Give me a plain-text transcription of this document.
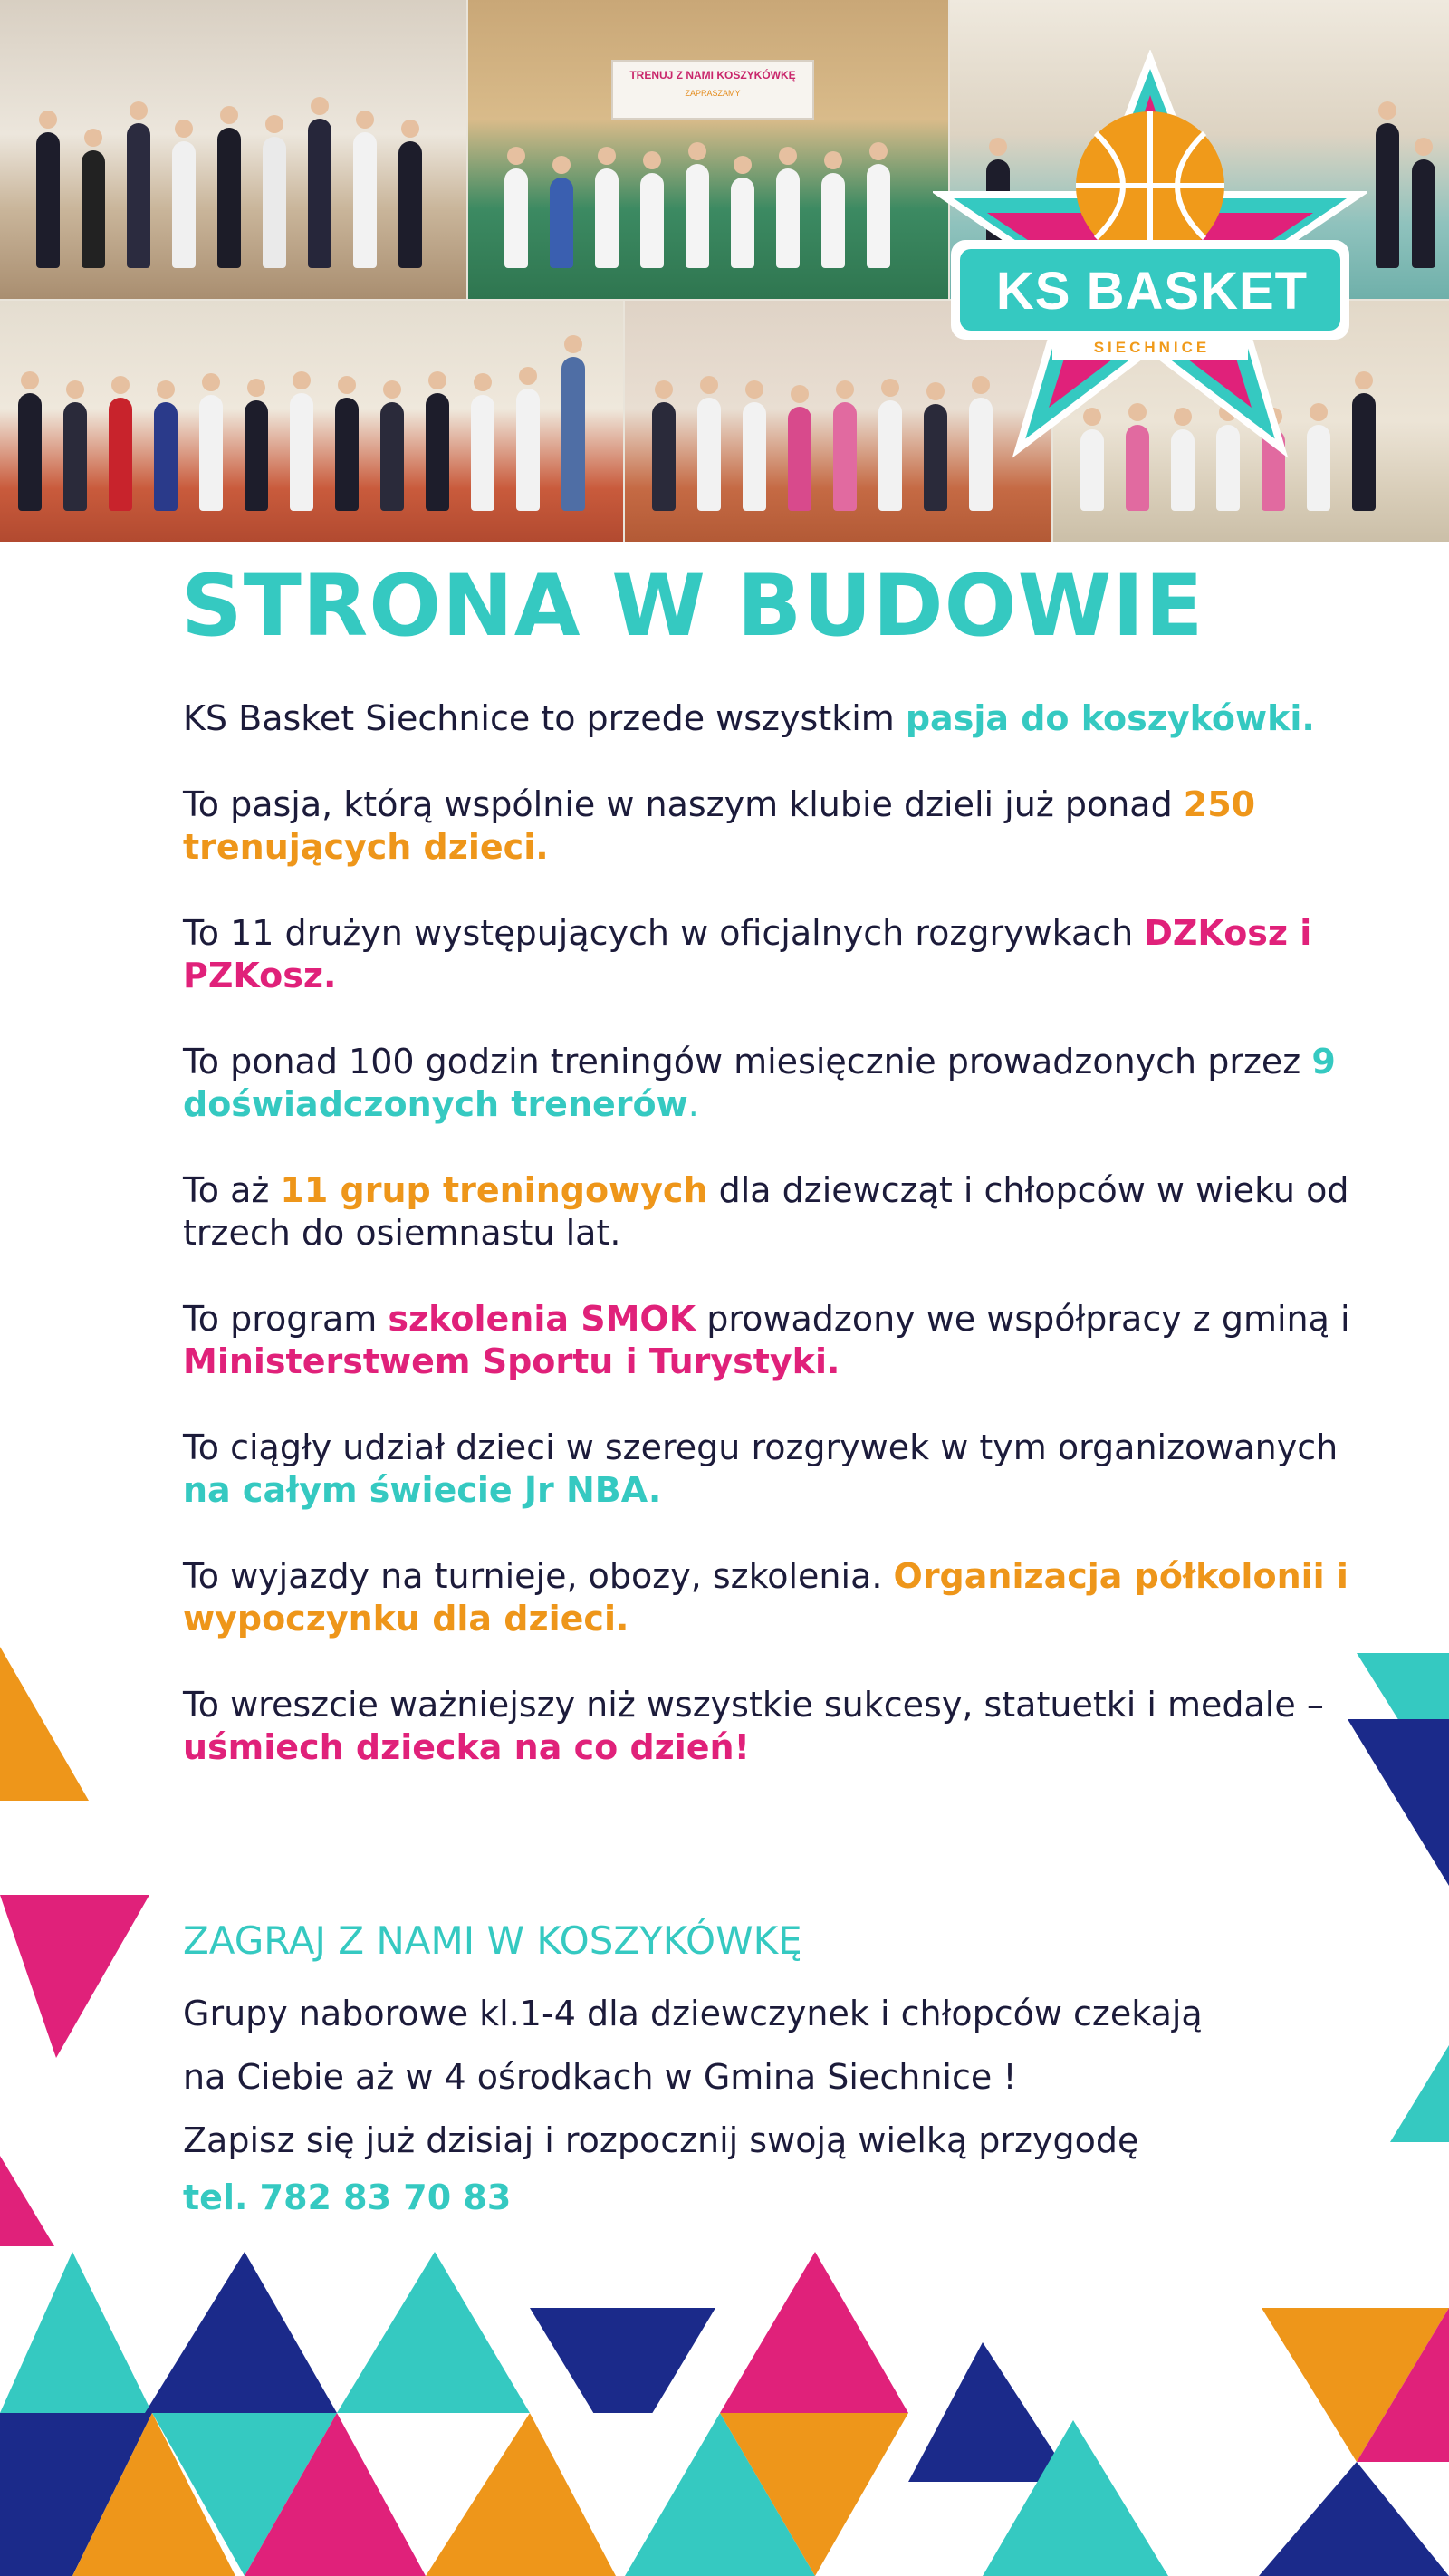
TRENUJ Z NAMI KOSZYKÓWKĘ
ZAPRASZAMY
KS BASKET
SIECHNICE
STRONA W BUDOWIE

KS Basket Siechnice to przede wszystkim pasja do koszykówki.

To pasja, którą wspólnie w naszym klubie dzieli już ponad 250 trenujących dzieci.

To 11 drużyn występujących w oficjalnych rozgrywkach DZKosz i PZKosz.

To ponad 100 godzin treningów miesięcznie prowadzonych przez 9 doświadczonych trenerów.

To aż 11 grup treningowych dla dziewcząt i chłopców w wieku od trzech do osiemnastu lat.

To program szkolenia SMOK prowadzony we współpracy z gminą i Ministerstwem Sportu i Turystyki.

To ciągły udział dzieci w szeregu rozgrywek w tym organizowanych na całym świecie Jr NBA.

To wyjazdy na turnieje, obozy, szkolenia. Organizacja półkolonii i wypoczynku dla dzieci.

To wreszcie ważniejszy niż wszystkie sukcesy, statuetki i medale – uśmiech dziecka na co dzień!

ZAGRAJ Z NAMI W KOSZYKÓWKĘ
Grupy naborowe kl.1-4 dla dziewczynek i chłopców czekają
na Ciebie aż w 4 ośrodkach w Gmina Siechnice !
Zapisz się już dzisiaj i rozpocznij swoją wielką przygodę
tel. 782 83 70 83
